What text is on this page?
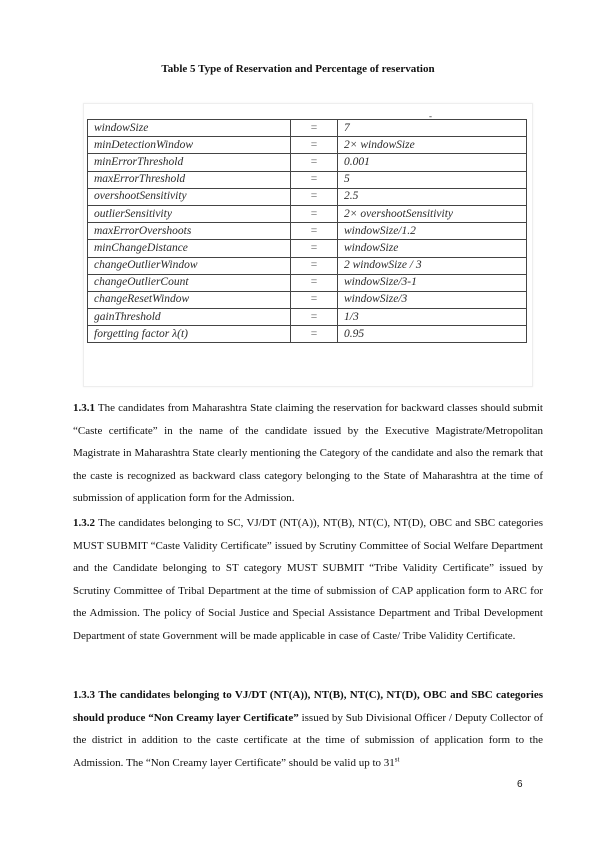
Table 5 Type of Reservation and Percentage of reservation
-
windowSize	=	7
minDetectionWindow	=	2× windowSize
minErrorThreshold	=	0.001
maxErrorThreshold	=	5
overshootSensitivity	=	2.5
outlierSensitivity	=	2× overshootSensitivity
maxErrorOvershoots	=	windowSize/1.2
minChangeDistance	=	windowSize
changeOutlierWindow	=	2 windowSize / 3
changeOutlierCount	=	windowSize/3-1
changeResetWindow	=	windowSize/3
gainThreshold	=	1/3
forgetting factor λ(t)	=	0.95
1.3.1 The candidates from Maharashtra State claiming the reservation for backward classes should submit “Caste certificate” in the name of the candidate issued by the Executive Magistrate/Metropolitan Magistrate in Maharashtra State clearly mentioning the Category of the candidate and also the remark that the caste is recognized as backward class category belonging to the State of Maharashtra at the time of submission of application form for the Admission.
1.3.2 The candidates belonging to SC, VJ/DT (NT(A)), NT(B), NT(C), NT(D), OBC and SBC categories MUST SUBMIT “Caste Validity Certificate” issued by Scrutiny Committee of Social Welfare Department and the Candidate belonging to ST category MUST SUBMIT “Tribe Validity Certificate” issued by Scrutiny Committee of Tribal Department at the time of submission of CAP application form to ARC for the Admission. The policy of Social Justice and Special Assistance Department and Tribal Development Department of state Government will be made applicable in case of Caste/ Tribe Validity Certificate.
1.3.3 The candidates belonging to VJ/DT (NT(A)), NT(B), NT(C), NT(D), OBC and SBC categories should produce “Non Creamy layer Certificate” issued by Sub Divisional Officer / Deputy Collector of the district in addition to the caste certificate at the time of submission of application form to the Admission. The “Non Creamy layer Certificate” should be valid up to 31st
6
